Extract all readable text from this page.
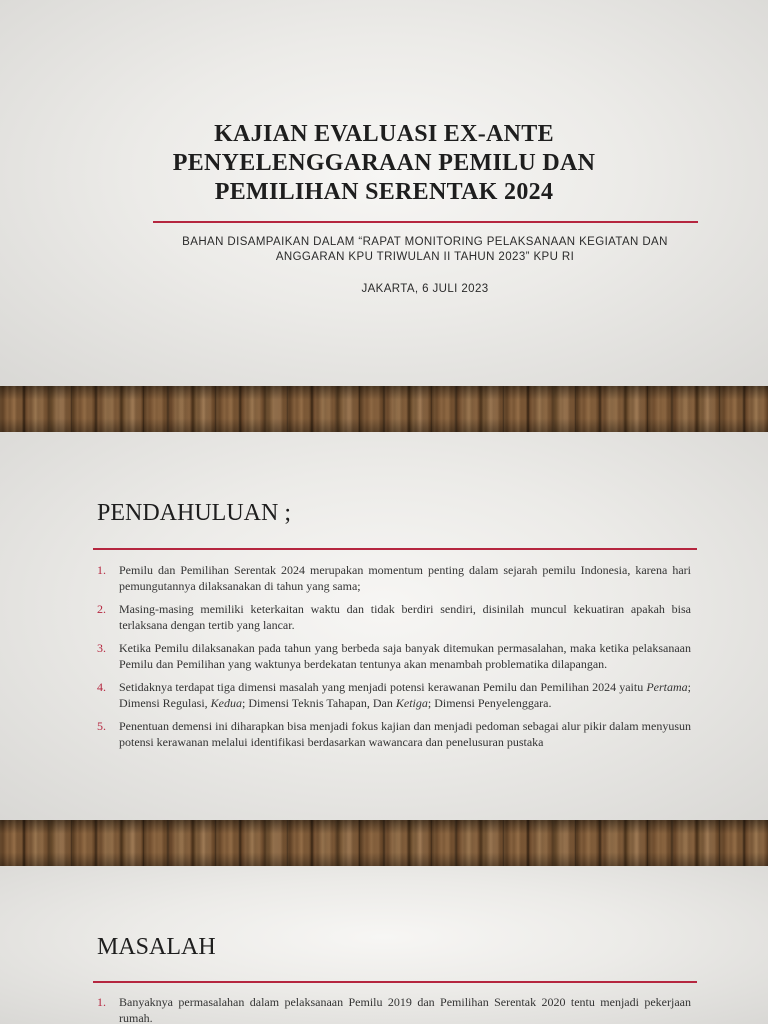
KAJIAN EVALUASI EX-ANTE
PENYELENGGARAAN PEMILU DAN
PEMILIHAN SERENTAK 2024
BAHAN DISAMPAIKAN DALAM “RAPAT MONITORING PELAKSANAAN KEGIATAN DAN
ANGGARAN KPU TRIWULAN II TAHUN 2023” KPU RI
JAKARTA, 6 JULI 2023
PENDAHULUAN ;
1. Pemilu dan Pemilihan Serentak 2024 merupakan momentum penting dalam sejarah pemilu Indonesia, karena hari pemungutannya dilaksanakan di tahun yang sama;
2. Masing-masing memiliki keterkaitan waktu dan tidak berdiri sendiri, disinilah muncul kekuatiran apakah bisa terlaksana dengan tertib yang lancar.
3. Ketika Pemilu dilaksanakan pada tahun yang berbeda saja banyak ditemukan permasalahan, maka ketika pelaksanaan Pemilu dan Pemilihan yang waktunya berdekatan tentunya akan menambah problematika dilapangan.
4. Setidaknya terdapat tiga dimensi masalah yang menjadi potensi kerawanan Pemilu dan Pemilihan 2024 yaitu Pertama; Dimensi Regulasi, Kedua; Dimensi Teknis Tahapan, Dan Ketiga; Dimensi Penyelenggara.
5. Penentuan demensi ini diharapkan bisa menjadi fokus kajian dan menjadi pedoman sebagai alur pikir dalam menyusun potensi kerawanan melalui identifikasi berdasarkan wawancara dan penelusuran pustaka
MASALAH
1. Banyaknya permasalahan dalam pelaksanaan Pemilu 2019 dan Pemilihan Serentak 2020 tentu menjadi pekerjaan rumah.
